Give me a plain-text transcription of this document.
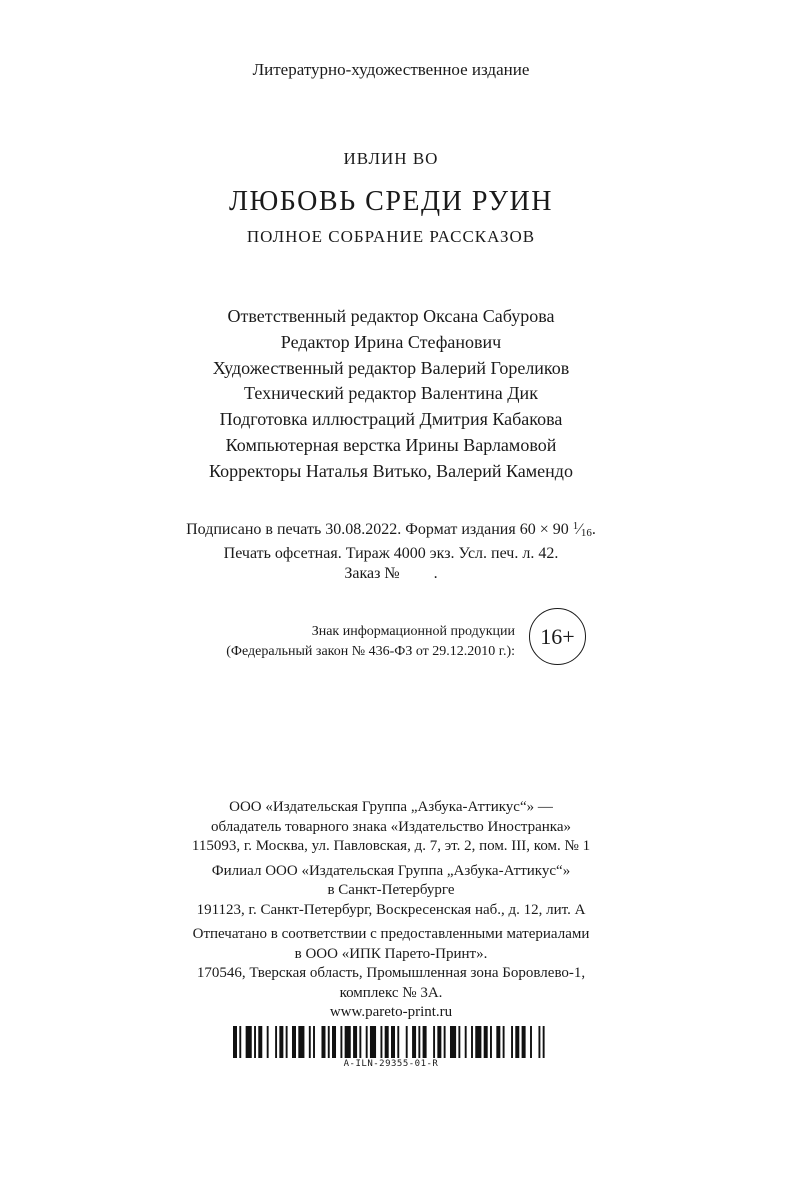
Литературно-художественное издание
ИВЛИН ВО
ЛЮБОВЬ СРЕДИ РУИН
ПОЛНОЕ СОБРАНИЕ РАССКАЗОВ
Ответственный редактор Оксана Сабурова
Редактор Ирина Стефанович
Художественный редактор Валерий Гореликов
Технический редактор Валентина Дик
Подготовка иллюстраций Дмитрия Кабакова
Компьютерная верстка Ирины Варламовой
Корректоры Наталья Витько, Валерий Камендо
Подписано в печать 30.08.2022. Формат издания 60 × 90 $^1$⁄16.
Печать офсетная. Тираж 4000 экз. Усл. печ. л. 42.
Заказ № .
Знак информационной продукции
(Федеральный закон № 436-ФЗ от 29.12.2010 г.):
16+
ООО «Издательская Группа „Азбука-Аттикус“» —
обладатель товарного знака «Издательство Иностранка»
115093, г. Москва, ул. Павловская, д. 7, эт. 2, пом. III, ком. № 1
Филиал ООО «Издательская Группа „Азбука-Аттикус“»
в Санкт-Петербурге
191123, г. Санкт-Петербург, Воскресенская наб., д. 12, лит. А
Отпечатано в соответствии с предоставленными материалами
в ООО «ИПК Парето-Принт».
170546, Тверская область, Промышленная зона Боровлево-1,
комплекс № 3А.
www.pareto-print.ru
A-ILN-29355-01-R
